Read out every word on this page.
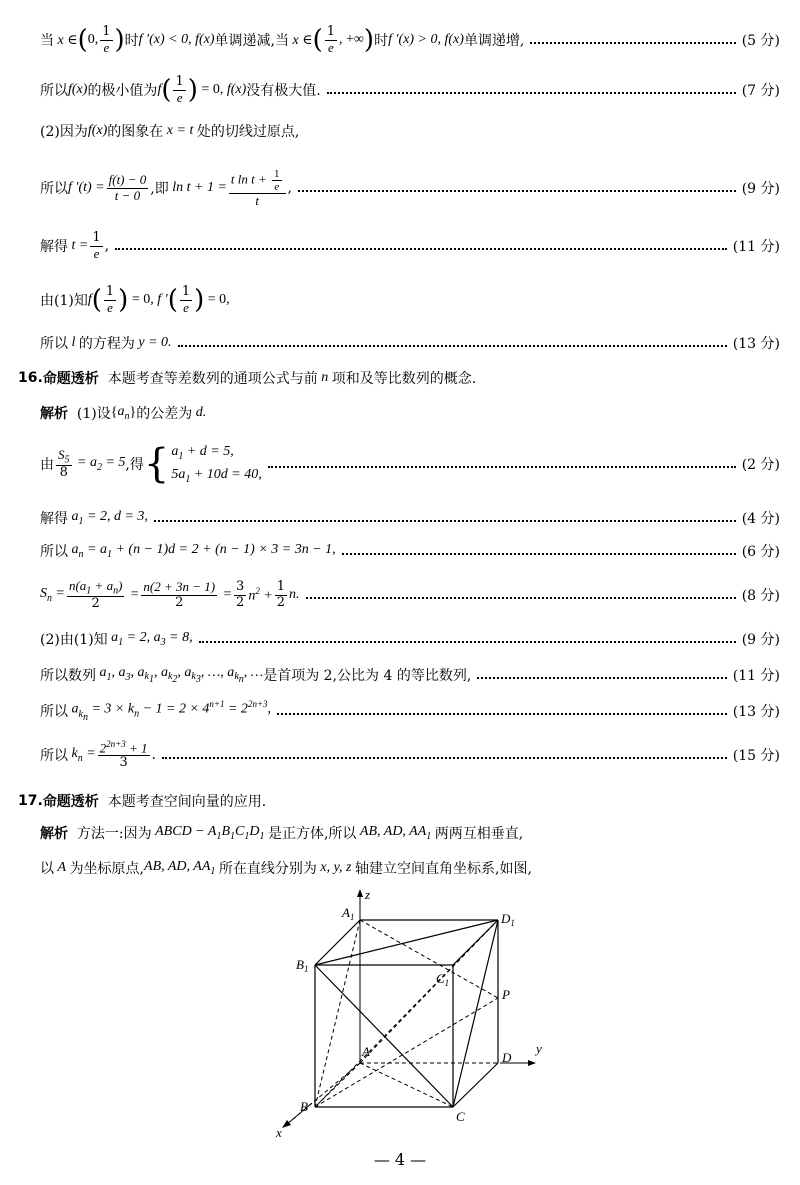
当 x ∈ ( 0, $\frac{1}{e}$ ) 时 f ′(x) < 0, f(x) 单调递减,当 x ∈ ( $\frac{1}{e}$ , +∞ ) 时 f ′(x) > 0, f(x) 单调递增,	(5 分)
所以 f(x) 的极小值为 f ( $\frac{1}{e}$ ) = 0, f(x) 没有极大值.	(7 分)
(2)因为 f(x) 的图象在 x = t 处的切线过原点,
所以 f $'(t) = \frac{f(t) - 0}{t - 0}$ ,即 $\ln t + 1 = \frac{t \ln t + \frac{1}{e}}{t}$ ,	(9 分)
解得 $t = \frac{1}{e}$ ,	(11 分)
由(1)知 f ( $\frac{1}{e}$ ) = 0, f ′ ( $\frac{1}{e}$ ) = 0,
所以 l 的方程为 y = 0.	(13 分)
16. 命题透析
本题考查等差数列的通项公式与前 n 项和及等比数列的概念.
解析
(1)设 { $a_n$ } 的公差为 d.
由 $\frac{S_5}{8} = a_2 = 5$ ,得 { $a_1 + d = 5$,
$5a_1 + 10d = 40$,
(2 分)
解得 $a_1 = 2$, d = 3,	(4 分)
所以 $a_n = a_1 + (n - 1)d = 2 + (n - 1) \times 3 = 3n - 1$,	(6 分)
$S_n = \frac{n(a_1 + a_n)}{2} = \frac{n(2 + 3n - 1)}{2} = \frac{3}{2} n^2 + \frac{1}{2} n$.	(8 分)
(2)由(1)知 $a_1 = 2$, $a_3 = 8$,	(9 分)
所以数列 $a_1$, $a_3$, $a_{k_1}$, $a_{k_2}$, $a_{k_3}$, …, $a_{k_n}$, … 是首项为 2,公比为 4 的等比数列,	(11 分)
所以 $a_{k_n} = 3 \times k_n - 1 = 2 \times 4^{n+1} = 2^{2n+3}$,	(13 分)
所以 $k_n = \frac{2^{2n+3} + 1}{3}$ .	(15 分)
17. 命题透析
本题考查空间向量的应用.
解析
方法一:因为 ABCD − $A_1B_1C_1D_1$ 是正方体,所以 AB, AD, $AA_1$ 两两互相垂直,
以 A 为坐标原点, AB, AD, $AA_1$ 所在直线分别为 x, y, z 轴建立空间直角坐标系,如图,
$A_1$
z
$D_1$
$B_1$
$C_1$
P
A	D
y
B
C
x
— 4 —
